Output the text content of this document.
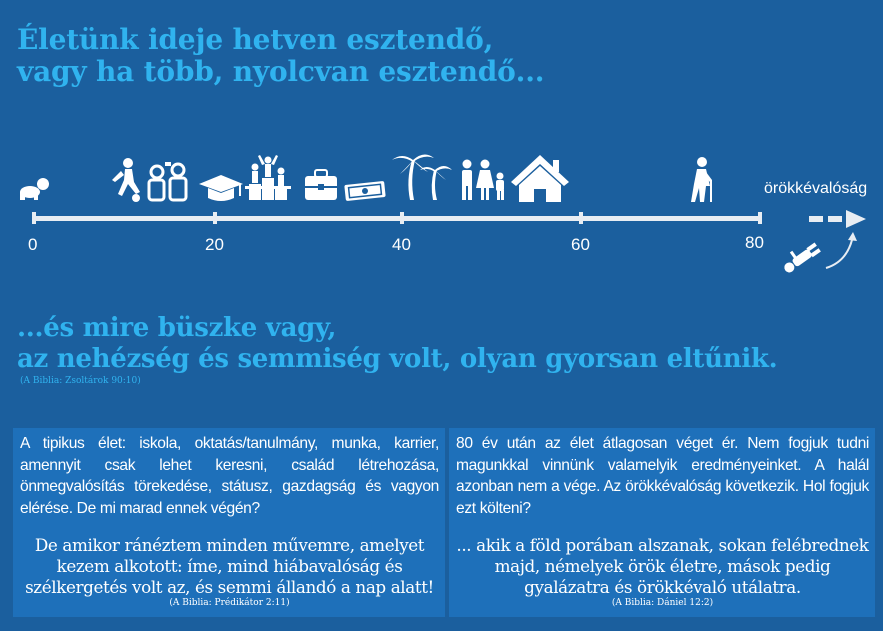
Életünk ideje hetven esztendő,
vagy ha több, nyolcvan esztendő...
0	20	40	60	80
örökkévalóság
...és mire büszke vagy,
az nehézség és semmiség volt, olyan gyorsan eltűnik.
(A Biblia: Zsoltárok 90:10)
A tipikus élet: iskola, oktatás/tanulmány, munka, karrier, amennyit csak lehet keresni, család létrehozása, önmegvalósítás törekedése, státusz, gazdagság és vagyon elérése. De mi marad ennek végén?
De amikor ránéztem minden művemre, amelyet kezem alkotott: íme, mind hiábavalóság és szélkergetés volt az, és semmi állandó a nap alatt!
(A Biblia: Prédikátor 2:11)
80 év után az élet átlagosan véget ér. Nem fogjuk tudni magunkkal vinnünk valamelyik eredményeinket. A halál azonban nem a vége. Az örökkévalóság következik. Hol fogjuk ezt költeni?
... akik a föld porában alszanak, sokan felébrednek majd, némelyek örök életre, mások pedig gyalázatra és örökkévaló utálatra.
(A Biblia: Dániel 12:2)
